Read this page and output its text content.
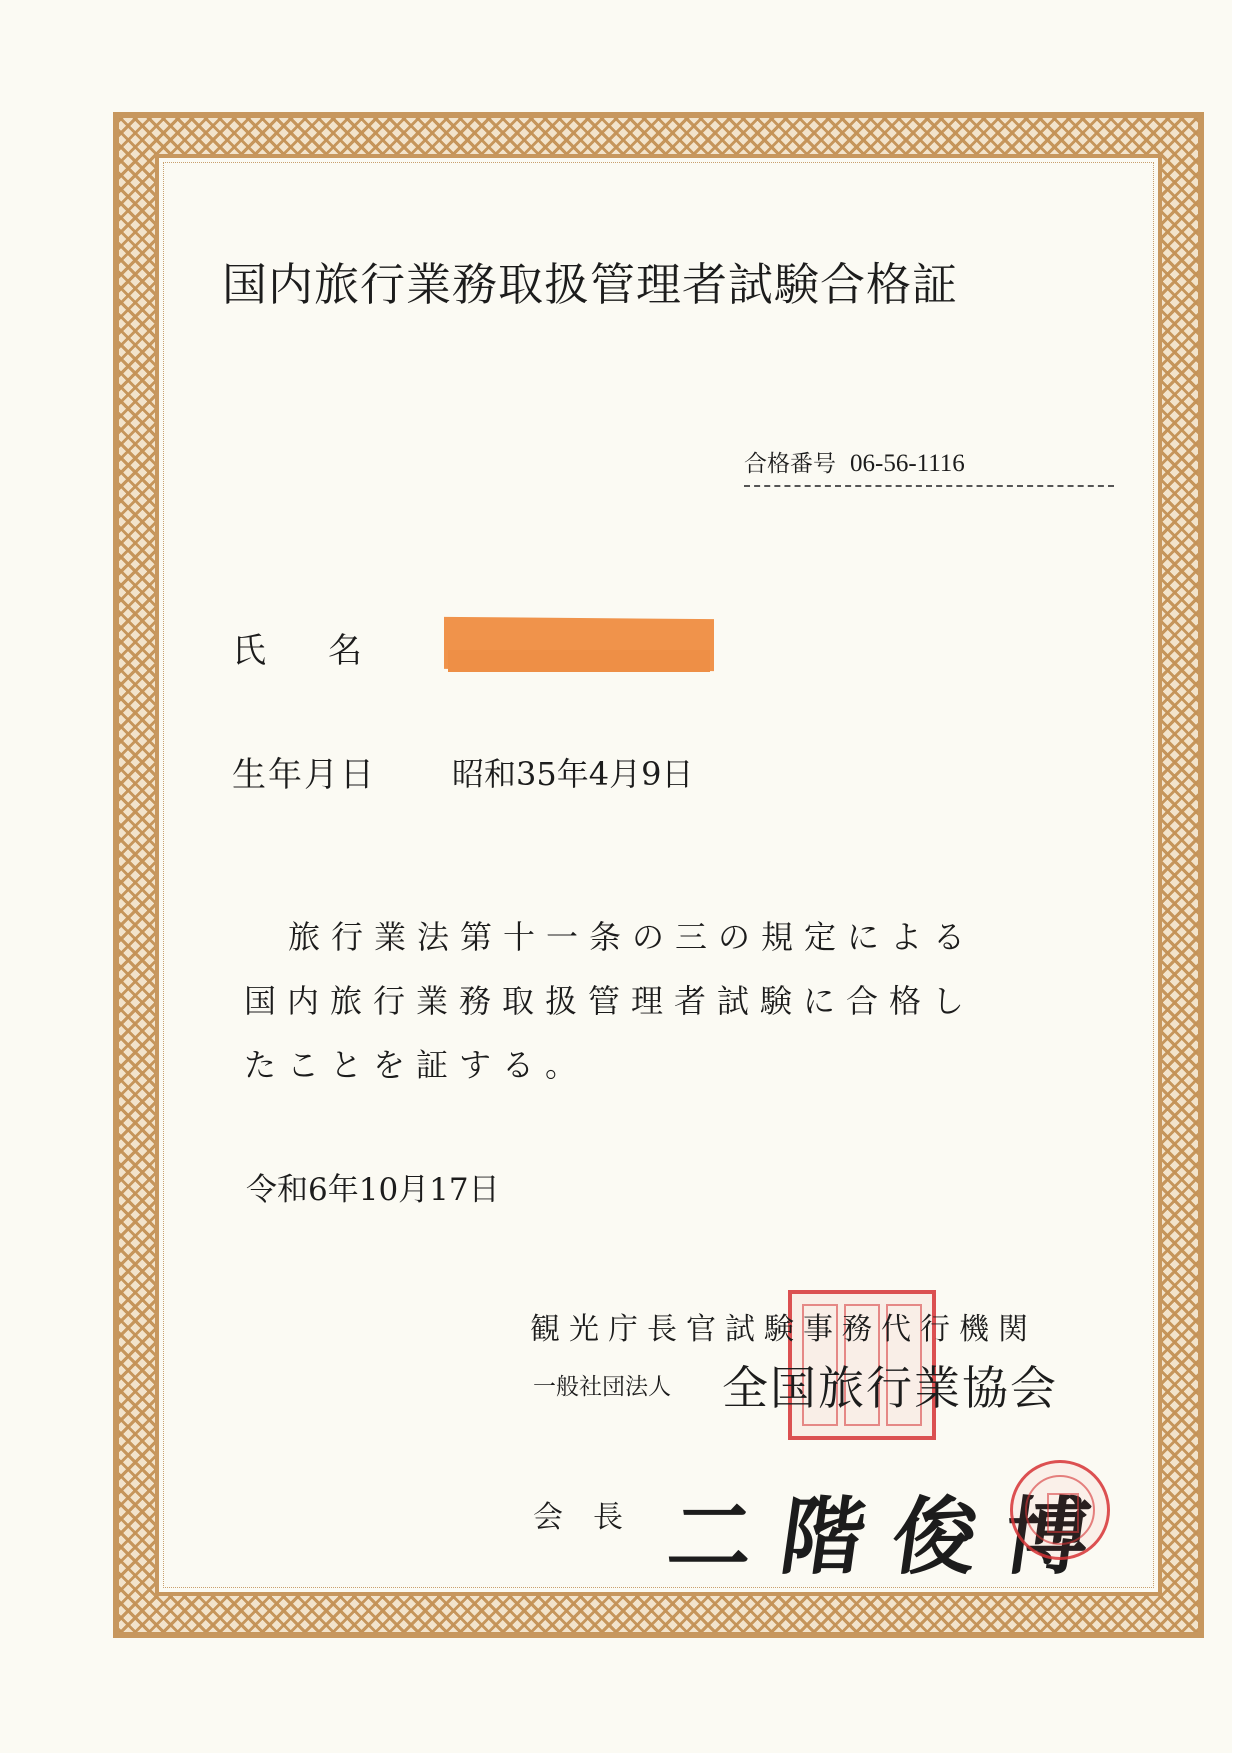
国内旅行業務取扱管理者試験合格証
合格番号 06-56-1116
氏名
生年月日 昭和35年4月9日
旅行業法第十一条の三の規定による
国内旅行業務取扱管理者試験に合格し
たことを証する。
令和6年10月17日
観光庁長官試験事務代行機関
一般社団法人 全国旅行業協会
会長 二階俊博
